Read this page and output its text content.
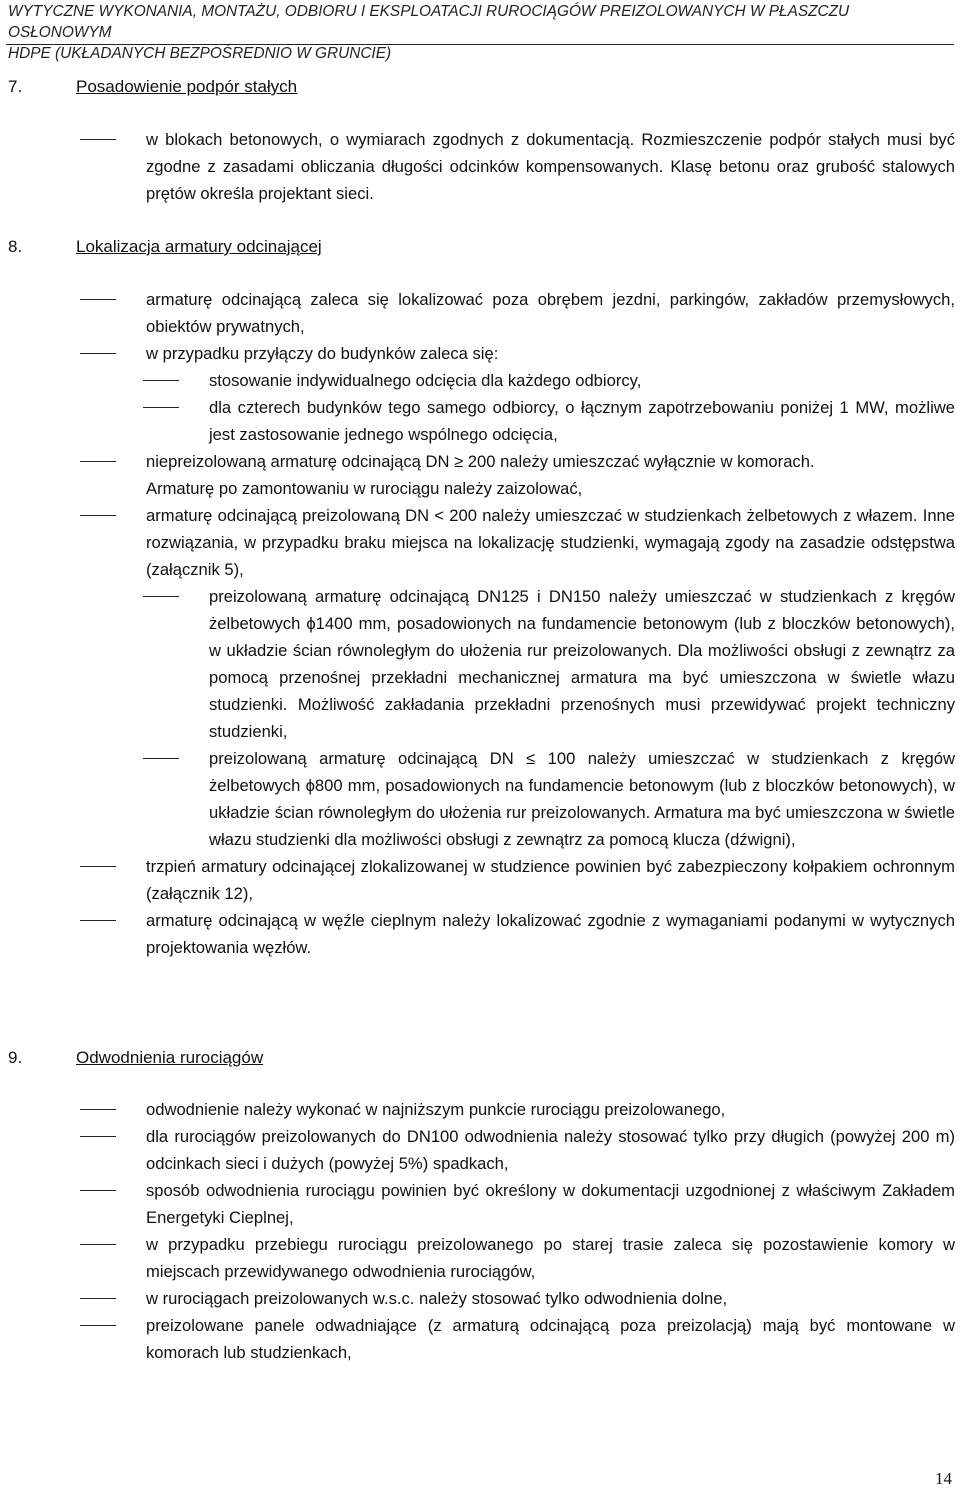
WYTYCZNE WYKONANIA, MONTAŻU, ODBIORU I EKSPLOATACJI RUROCIĄGÓW PREIZOLOWANYCH W PŁASZCZU OSŁONOWYM
HDPE (UKŁADANYCH BEZPOŚREDNIO W GRUNCIE)
7.	Posadowienie podpór stałych
w blokach betonowych, o wymiarach zgodnych z dokumentacją. Rozmieszczenie podpór stałych musi być zgodne z zasadami obliczania długości odcinków kompensowanych. Klasę betonu oraz grubość stalowych prętów określa projektant sieci.
8.	Lokalizacja armatury odcinającej
armaturę odcinającą zaleca się lokalizować poza obrębem jezdni, parkingów, zakładów przemysłowych, obiektów prywatnych,
w przypadku przyłączy do budynków zaleca się:
stosowanie indywidualnego odcięcia dla każdego odbiorcy,
dla czterech budynków tego samego odbiorcy, o łącznym zapotrzebowaniu poniżej 1 MW, możliwe jest zastosowanie jednego wspólnego odcięcia,
niepreizolowaną armaturę odcinającą DN ≥ 200 należy umieszczać wyłącznie w komorach.
Armaturę po zamontowaniu w rurociągu należy zaizolować,
armaturę odcinającą preizolowaną DN < 200 należy umieszczać w studzienkach żelbetowych z włazem. Inne rozwiązania, w przypadku braku miejsca na lokalizację studzienki, wymagają zgody na zasadzie odstępstwa (załącznik 5),
preizolowaną armaturę odcinającą DN125 i DN150 należy umieszczać w studzienkach z kręgów żelbetowych ϕ1400 mm, posadowionych na fundamencie betonowym (lub z bloczków betonowych), w układzie ścian równoległym do ułożenia rur preizolowanych. Dla możliwości obsługi z zewnątrz za pomocą przenośnej przekładni mechanicznej armatura ma być umieszczona w świetle włazu studzienki. Możliwość zakładania przekładni przenośnych musi przewidywać projekt techniczny studzienki,
preizolowaną armaturę odcinającą DN ≤ 100 należy umieszczać w studzienkach z kręgów żelbetowych ϕ800 mm, posadowionych na fundamencie betonowym (lub z bloczków betonowych), w układzie ścian równoległym do ułożenia rur preizolowanych. Armatura ma być umieszczona w świetle włazu studzienki dla możliwości obsługi z zewnątrz za pomocą klucza (dźwigni),
trzpień armatury odcinającej zlokalizowanej w studzience powinien być zabezpieczony kołpakiem ochronnym (załącznik 12),
armaturę odcinającą w węźle cieplnym należy lokalizować zgodnie z wymaganiami podanymi w wytycznych projektowania węzłów.
9.	Odwodnienia rurociągów
odwodnienie należy wykonać w najniższym punkcie rurociągu preizolowanego,
dla rurociągów preizolowanych do DN100 odwodnienia należy stosować tylko przy długich (powyżej 200 m) odcinkach sieci i dużych (powyżej 5%) spadkach,
sposób odwodnienia rurociągu powinien być określony w dokumentacji uzgodnionej z właściwym Zakładem Energetyki Cieplnej,
w przypadku przebiegu rurociągu preizolowanego po starej trasie zaleca się pozostawienie komory w miejscach przewidywanego odwodnienia rurociągów,
w rurociągach preizolowanych w.s.c. należy stosować tylko odwodnienia dolne,
preizolowane panele odwadniające (z armaturą odcinającą poza preizolacją) mają być montowane w komorach lub studzienkach,
14
